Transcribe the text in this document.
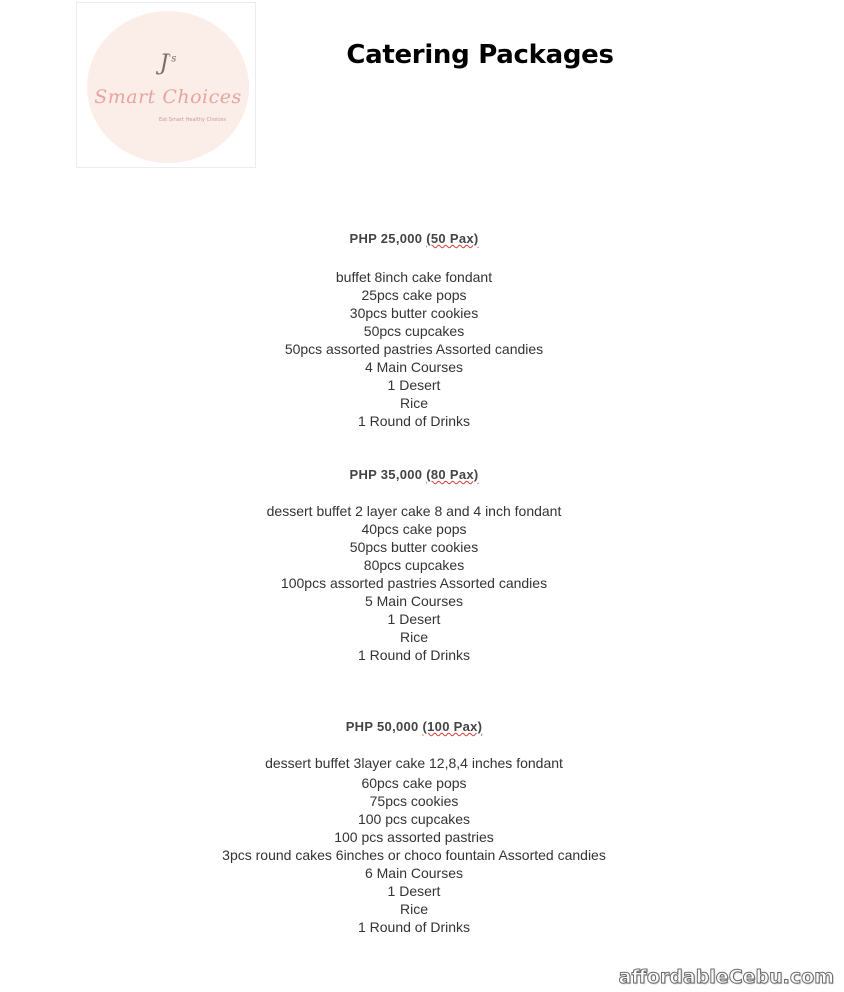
$J^{'s}$
Smart Choices
Eat Smart Healthy Choices
Catering Packages
PHP 25,000 (50 Pax)
buffet 8inch cake fondant
25pcs cake pops
30pcs butter cookies
50pcs cupcakes
50pcs assorted pastries Assorted candies
4 Main Courses
1 Desert
Rice
1 Round of Drinks
PHP 35,000 (80 Pax)
dessert buffet 2 layer cake 8 and 4 inch fondant
40pcs cake pops
50pcs butter cookies
80pcs cupcakes
100pcs assorted pastries Assorted candies
5 Main Courses
1 Desert
Rice
1 Round of Drinks
PHP 50,000 (100 Pax)
dessert buffet 3layer cake 12,8,4 inches fondant
60pcs cake pops
75pcs cookies
100 pcs cupcakes
100 pcs assorted pastries
3pcs round cakes 6inches or choco fountain Assorted candies
6 Main Courses
1 Desert
Rice
1 Round of Drinks
affordableCebu.com
